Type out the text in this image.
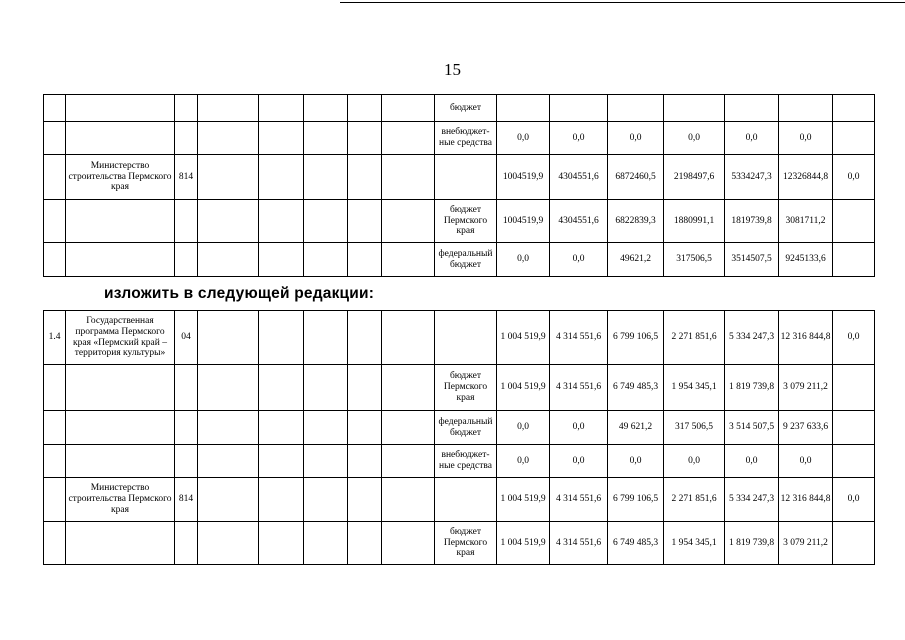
15
								бюджет							
								внебюджет-ные средства	0,0	0,0	0,0	0,0	0,0	0,0	
	Министерство строительства Пермского края	814							1004519,9	4304551,6	6872460,5	2198497,6	5334247,3	12326844,8	0,0
								бюджет Пермского края	1004519,9	4304551,6	6822839,3	1880991,1	1819739,8	3081711,2	
								федеральный бюджет	0,0	0,0	49621,2	317506,5	3514507,5	9245133,6	
изложить в следующей редакции:
1.4	Государственная программа Пермского края «Пермский край – территория культуры»	04							1 004 519,9	4 314 551,6	6 799 106,5	2 271 851,6	5 334 247,3	12 316 844,8	0,0
								бюджет Пермского края	1 004 519,9	4 314 551,6	6 749 485,3	1 954 345,1	1 819 739,8	3 079 211,2	
								федеральный бюджет	0,0	0,0	49 621,2	317 506,5	3 514 507,5	9 237 633,6	
								внебюджет-ные средства	0,0	0,0	0,0	0,0	0,0	0,0	
	Министерство строительства Пермского края	814							1 004 519,9	4 314 551,6	6 799 106,5	2 271 851,6	5 334 247,3	12 316 844,8	0,0
								бюджет Пермского края	1 004 519,9	4 314 551,6	6 749 485,3	1 954 345,1	1 819 739,8	3 079 211,2	
